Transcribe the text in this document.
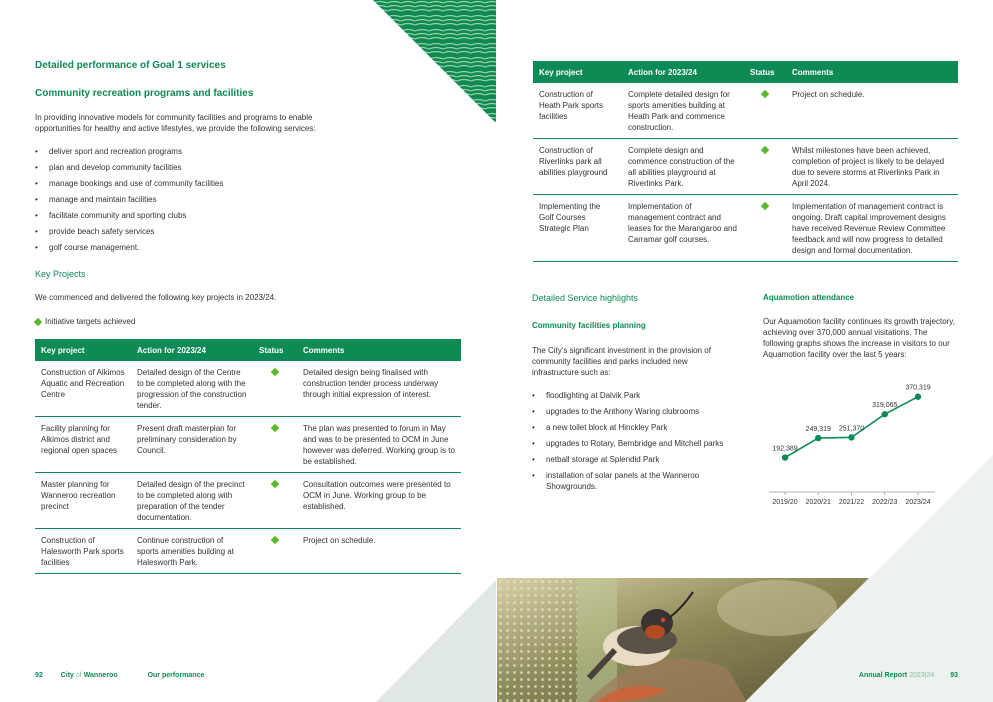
Detailed performance of Goal 1 services
Community recreation programs and facilities
In providing innovative models for community facilities and programs to enable opportunities for healthy and active lifestyles, we provide the following services:
• deliver sport and recreation programs
• plan and develop community facilities
• manage bookings and use of community facilities
• manage and maintain facilities
• facilitate community and sporting clubs
• provide beach safety services
• golf course management.
Key Projects
We commenced and delivered the following key projects in 2023/24.
Initiative targets achieved
Key project	Action for 2023/24	Status	Comments
Construction of Alkimos Aquatic and Recreation Centre	Detailed design of the Centre to be completed along with the progression of the construction tender.		Detailed design being finalised with construction tender process underway through initial expression of interest.
Facility planning for Alkimos district and regional open spaces	Present draft masterplan for preliminary consideration by Council.		The plan was presented to forum in May and was to be presented to OCM in June however was deferred. Working group is to be established.
Master planning for Wanneroo recreation precinct	Detailed design of the precinct to be completed along with preparation of the tender documentation.		Consultation outcomes were presented to OCM in June. Working group to be established.
Construction of Halesworth Park sports facilities	Continue construction of sports amenities building at Halesworth Park.		Project on schedule.
92	City of Wanneroo	Our performance
Key project	Action for 2023/24	Status	Comments
Construction of Heath Park sports facilities	Complete detailed design for sports amenities building at Heath Park and commence construction.		Project on schedule.
Construction of Riverlinks park all abilities playground	Complete design and commence construction of the all abilities playground at Riverlinks Park.		Whilst milestones have been achieved, completion of project is likely to be delayed due to severe storms at Riverlinks Park in April 2024.
Implementing the Golf Courses Strategic Plan	Implementation of management contract and leases for the Marangaroo and Carramar golf courses.		Implementation of management contract is ongoing. Draft capital improvement designs have received Revenue Review Committee feedback and will now progress to detailed design and formal documentation.
Detailed Service highlights
Community facilities planning
The City's significant investment in the provision of community facilities and parks included new infrastructure such as:
• floodlighting at Dalvik Park
• upgrades to the Anthony Waring clubrooms
• a new toilet block at Hinckley Park
• upgrades to Rotary, Bembridge and Mitchell parks
• netball storage at Splendid Park
• installation of solar panels at the Wanneroo Showgrounds.
Aquamotion attendance
Our Aquamotion facility continues its growth trajectory, achieving over 370,000 annual visitations. The following graphs shows the increase in visitors to our Aquamotion facility over the last 5 years:
192,389
2019/20
249,319
2020/21
251,370
2021/22
319,065
2022/23
370,319
2023/24
Annual Report 2023|24 93
